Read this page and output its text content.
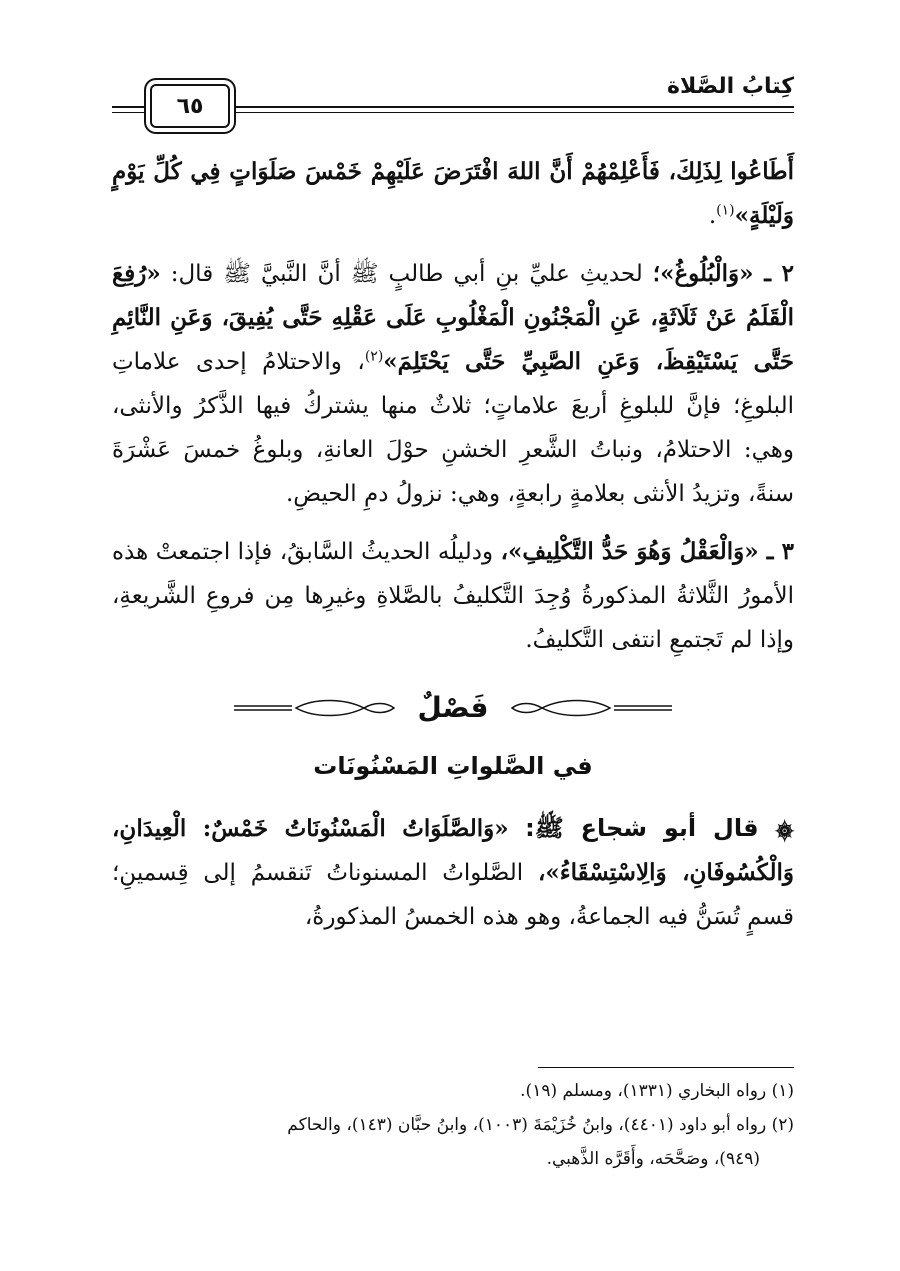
كِتابُ الصَّلاة
٦٥

أَطَاعُوا لِذَلِكَ، فَأَعْلِمْهُمْ أَنَّ اللهَ افْتَرَضَ عَلَيْهِمْ خَمْسَ صَلَوَاتٍ فِي كُلِّ يَوْمٍ وَلَيْلَةٍ»$^{(١)}$.

٢ ـ «وَالْبُلُوغُ»؛ لحديثِ عليِّ بنِ أبي طالبٍ ﷺ أنَّ النَّبيَّ ﷺ قال: «رُفِعَ الْقَلَمُ عَنْ ثَلَاثَةٍ، عَنِ الْمَجْنُونِ الْمَغْلُوبِ عَلَى عَقْلِهِ حَتَّى يُفِيقَ، وَعَنِ النَّائِمِ حَتَّى يَسْتَيْقِظَ، وَعَنِ الصَّبِيِّ حَتَّى يَحْتَلِمَ»$^{(٢)}$، والاحتلامُ إحدى علاماتِ البلوغِ؛ فإنَّ للبلوغِ أربعَ علاماتٍ؛ ثلاثٌ منها يشتركُ فيها الذَّكرُ والأنثى، وهي: الاحتلامُ، ونباتُ الشَّعرِ الخشنِ حوْلَ العانةِ، وبلوغُ خمسَ عَشْرَةَ سنةً، وتزيدُ الأنثى بعلامةٍ رابعةٍ، وهي: نزولُ دمِ الحيضِ.

٣ ـ «وَالْعَقْلُ وَهُوَ حَدُّ التَّكْلِيفِ»، ودليلُه الحديثُ السَّابقُ، فإذا اجتمعتْ هذه الأمورُ الثَّلاثةُ المذكورةُ وُجِدَ التَّكليفُ بالصَّلاةِ وغيرِها مِن فروعِ الشَّريعةِ، وإذا لم تَجتمعِ انتفى التَّكليفُ.

فَصْلٌ
في الصَّلواتِ المَسْنُونَات

۞ قال أبو شجاع ﷺ: «وَالصَّلَوَاتُ الْمَسْنُونَاتُ خَمْسٌ: الْعِيدَانِ، وَالْكُسُوفَانِ، وَالِاسْتِسْقَاءُ»، الصَّلواتُ المسنوناتُ تَنقسمُ إلى قِسمينِ؛ قسمٍ تُسَنُّ فيه الجماعةُ، وهو هذه الخمسُ المذكورةُ،

(١) رواه البخاري (١٣٣١)، ومسلم (١٩).
(٢) رواه أبو داود (٤٤٠١)، وابنُ خُزَيْمَةَ (١٠٠٣)، وابنُ حبَّان (١٤٣)، والحاكم
(٩٤٩)، وصَحَّحَه، وأَقَرَّه الذَّهبي.
